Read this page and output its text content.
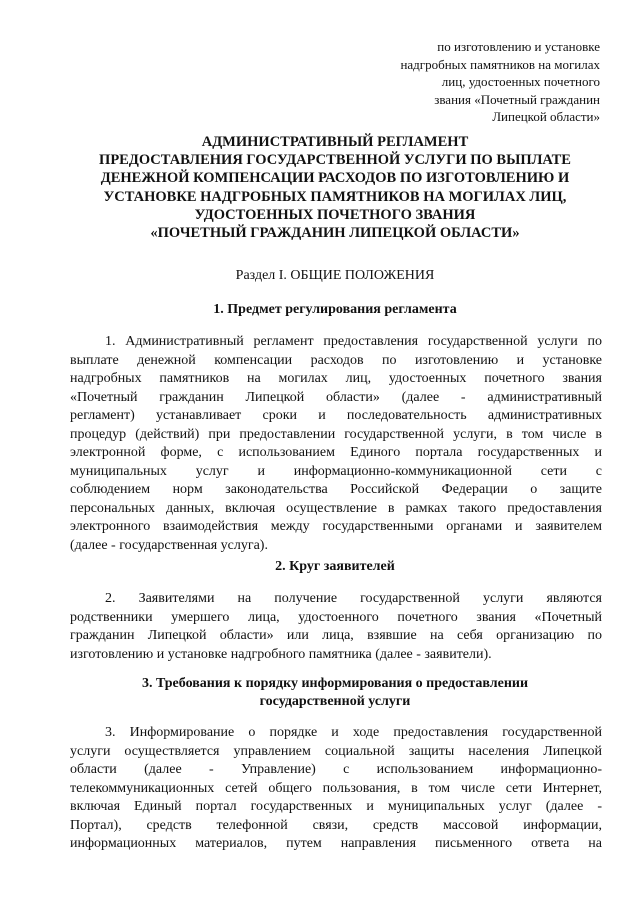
по изготовлению и установке
надгробных памятников на могилах
лиц, удостоенных почетного
звания «Почетный гражданин
Липецкой области»
АДМИНИСТРАТИВНЫЙ РЕГЛАМЕНТ
ПРЕДОСТАВЛЕНИЯ ГОСУДАРСТВЕННОЙ УСЛУГИ ПО ВЫПЛАТЕ
ДЕНЕЖНОЙ КОМПЕНСАЦИИ РАСХОДОВ ПО ИЗГОТОВЛЕНИЮ И
УСТАНОВКЕ НАДГРОБНЫХ ПАМЯТНИКОВ НА МОГИЛАХ ЛИЦ,
УДОСТОЕННЫХ ПОЧЕТНОГО ЗВАНИЯ
«ПОЧЕТНЫЙ ГРАЖДАНИН ЛИПЕЦКОЙ ОБЛАСТИ»
Раздел I. ОБЩИЕ ПОЛОЖЕНИЯ
1. Предмет регулирования регламента
1. Административный регламент предоставления государственной услуги по
выплате денежной компенсации расходов по изготовлению и установке
надгробных памятников на могилах лиц, удостоенных почетного звания
«Почетный гражданин Липецкой области» (далее - административный
регламент) устанавливает сроки и последовательность административных
процедур (действий) при предоставлении государственной услуги, в том числе в
электронной форме, с использованием Единого портала государственных и
муниципальных услуг и информационно-коммуникационной сети с
соблюдением норм законодательства Российской Федерации о защите
персональных данных, включая осуществление в рамках такого предоставления
электронного взаимодействия между государственными органами и заявителем
(далее - государственная услуга).
2. Круг заявителей
2. Заявителями на получение государственной услуги являются
родственники умершего лица, удостоенного почетного звания «Почетный
гражданин Липецкой области» или лица, взявшие на себя организацию по
изготовлению и установке надгробного памятника (далее - заявители).
3. Требования к порядку информирования о предоставлении
государственной услуги
3. Информирование о порядке и ходе предоставления государственной
услуги осуществляется управлением социальной защиты населения Липецкой
области (далее - Управление) с использованием информационно-
телекоммуникационных сетей общего пользования, в том числе сети Интернет,
включая Единый портал государственных и муниципальных услуг (далее -
Портал), средств телефонной связи, средств массовой информации,
информационных материалов, путем направления письменного ответа на
